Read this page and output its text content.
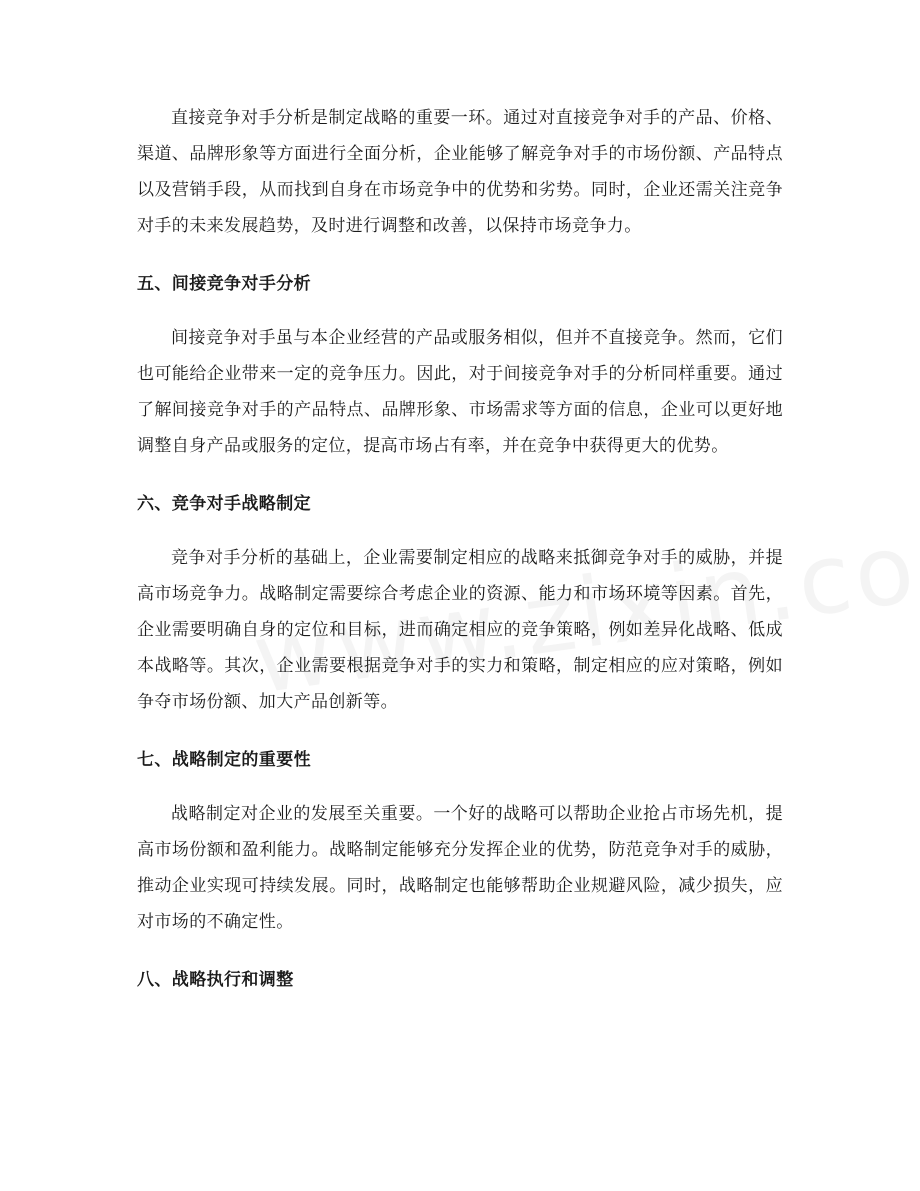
直接竞争对手分析是制定战略的重要一环。通过对直接竞争对手的产品、价格、渠道、品牌形象等方面进行全面分析，企业能够了解竞争对手的市场份额、产品特点以及营销手段，从而找到自身在市场竞争中的优势和劣势。同时，企业还需关注竞争对手的未来发展趋势，及时进行调整和改善，以保持市场竞争力。

五、间接竞争对手分析

间接竞争对手虽与本企业经营的产品或服务相似，但并不直接竞争。然而，它们也可能给企业带来一定的竞争压力。因此，对于间接竞争对手的分析同样重要。通过了解间接竞争对手的产品特点、品牌形象、市场需求等方面的信息，企业可以更好地调整自身产品或服务的定位，提高市场占有率，并在竞争中获得更大的优势。

六、竞争对手战略制定

竞争对手分析的基础上，企业需要制定相应的战略来抵御竞争对手的威胁，并提高市场竞争力。战略制定需要综合考虑企业的资源、能力和市场环境等因素。首先，企业需要明确自身的定位和目标，进而确定相应的竞争策略，例如差异化战略、低成本战略等。其次，企业需要根据竞争对手的实力和策略，制定相应的应对策略，例如争夺市场份额、加大产品创新等。

七、战略制定的重要性

战略制定对企业的发展至关重要。一个好的战略可以帮助企业抢占市场先机，提高市场份额和盈利能力。战略制定能够充分发挥企业的优势，防范竞争对手的威胁，推动企业实现可持续发展。同时，战略制定也能够帮助企业规避风险，减少损失，应对市场的不确定性。

八、战略执行和调整
